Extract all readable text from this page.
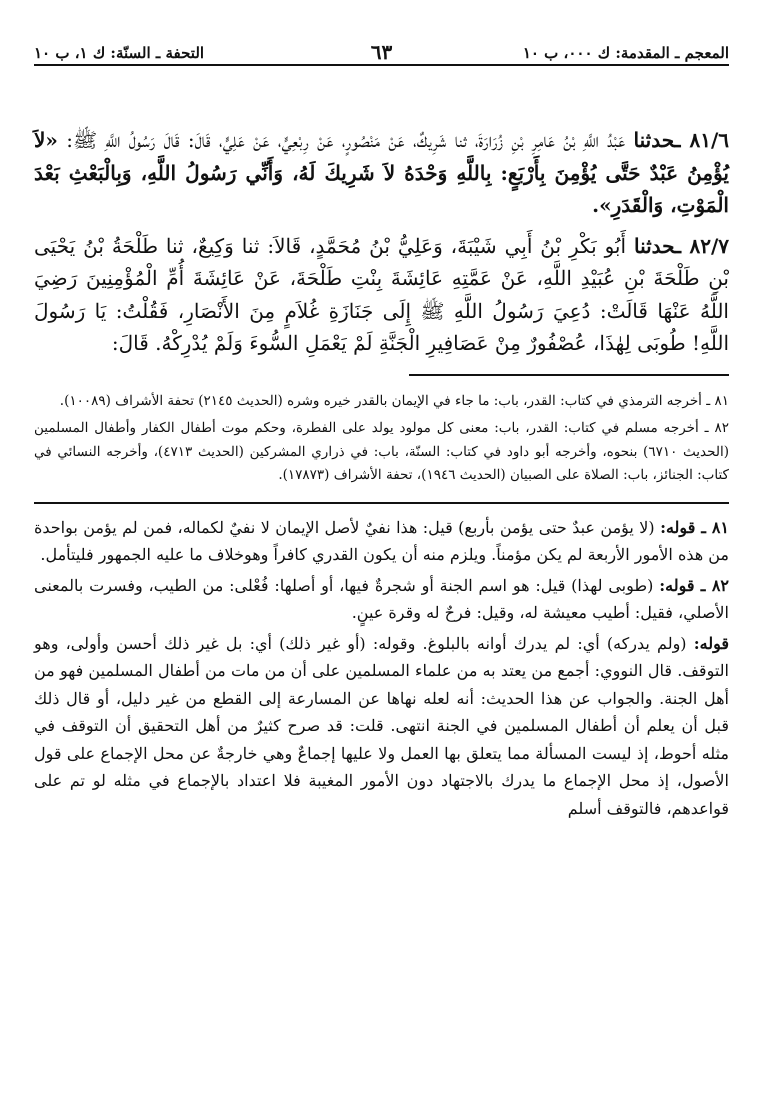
المعجم ـ المقدمة: ك ٠٠٠، ب ١٠
٦٣
التحفة ـ السنّة: ك ١، ب ١٠

٨١/٦ ـحدثنا عَبْدُ اللَّهِ بْنُ عَامِرِ بْنِ زُرَارَةَ، ثنا شَرِيكٌ، عَنْ مَنْصُورٍ، عَنْ رِبْعِيٍّ، عَنْ عَلِيٍّ، قَالَ: قَالَ رَسُولُ اللَّهِ ﷺ: «لاَ يُؤْمِنُ عَبْدٌ حَتَّى يُؤْمِنَ بِأَرْبَعٍ: بِاللَّهِ وَحْدَهُ لاَ شَرِيكَ لَهُ، وَأَنِّي رَسُولُ اللَّهِ، وَبِالْبَعْثِ بَعْدَ الْمَوْتِ، وَالْقَدَرِ».

٨٢/٧ ـحدثنا أَبُو بَكْرِ بْنُ أَبِي شَيْبَةَ، وَعَلِيُّ بْنُ مُحَمَّدٍ، قَالاَ: ثنا وَكِيعٌ، ثنا طَلْحَةُ بْنُ يَحْيَى بْنِ طَلْحَةَ بْنِ عُبَيْدِ اللَّهِ، عَنْ عَمَّتِهِ عَائِشَةَ بِنْتِ طَلْحَةَ، عَنْ عَائِشَةَ أُمِّ الْمُؤْمِنِينَ رَضِيَ اللَّهُ عَنْهَا قَالَتْ: دُعِيَ رَسُولُ اللَّهِ ﷺ إِلَى جَنَازَةِ غُلاَمٍ مِنَ الأَنْصَارِ، فَقُلْتُ: يَا رَسُولَ اللَّهِ! طُوبَى لِهٰذَا، عُصْفُورٌ مِنْ عَصَافِيرِ الْجَنَّةِ لَمْ يَعْمَلِ السُّوءَ وَلَمْ يُدْرِكْهُ. قَالَ:

٨١ ـ أخرجه الترمذي في كتاب: القدر، باب: ما جاء في الإيمان بالقدر خيره وشره (الحديث ٢١٤٥) تحفة الأشراف (١٠٠٨٩).

٨٢ ـ أخرجه مسلم في كتاب: القدر، باب: معنى كل مولود يولد على الفطرة، وحكم موت أطفال الكفار وأطفال المسلمين (الحديث ٦٧١٠) بنحوه، وأخرجه أبو داود في كتاب: السنّة، باب: في ذراري المشركين (الحديث ٤٧١٣)، وأخرجه النسائي في كتاب: الجنائز، باب: الصلاة على الصبيان (الحديث ١٩٤٦)، تحفة الأشراف (١٧٨٧٣).

٨١ ـ قوله: (لا يؤمن عبدٌ حتى يؤمن بأربع) قيل: هذا نفيٌ لأصل الإيمان لا نفيٌ لكماله، فمن لم يؤمن بواحدة من هذه الأمور الأربعة لم يكن مؤمناً. ويلزم منه أن يكون القدري كافراً وهوخلاف ما عليه الجمهور فليتأمل.

٨٢ ـ قوله: (طوبى لهذا) قيل: هو اسم الجنة أو شجرةٌ فيها، أو أصلها: فُعْلى: من الطيب، وفسرت بالمعنى الأصلي، فقيل: أطيب معيشة له، وقيل: فرحٌ له وقرة عينٍ.

قوله: (ولم يدركه) أي: لم يدرك أوانه بالبلوغ. وقوله: (أو غير ذلك) أي: بل غير ذلك أحسن وأولى، وهو التوقف. قال النووي: أجمع من يعتد به من علماء المسلمين على أن من مات من أطفال المسلمين فهو من أهل الجنة. والجواب عن هذا الحديث: أنه لعله نهاها عن المسارعة إلى القطع من غير دليل، أو قال ذلك قبل أن يعلم أن أطفال المسلمين في الجنة انتهى. قلت: قد صرح كثيرٌ من أهل التحقيق أن التوقف في مثله أحوط، إذ ليست المسألة مما يتعلق بها العمل ولا عليها إجماعٌ وهي خارجةٌ عن محل الإجماع على قول الأصول، إذ محل الإجماع ما يدرك بالاجتهاد دون الأمور المغيبة فلا اعتداد بالإجماع في مثله لو تم على قواعدهم، فالتوقف أسلم
